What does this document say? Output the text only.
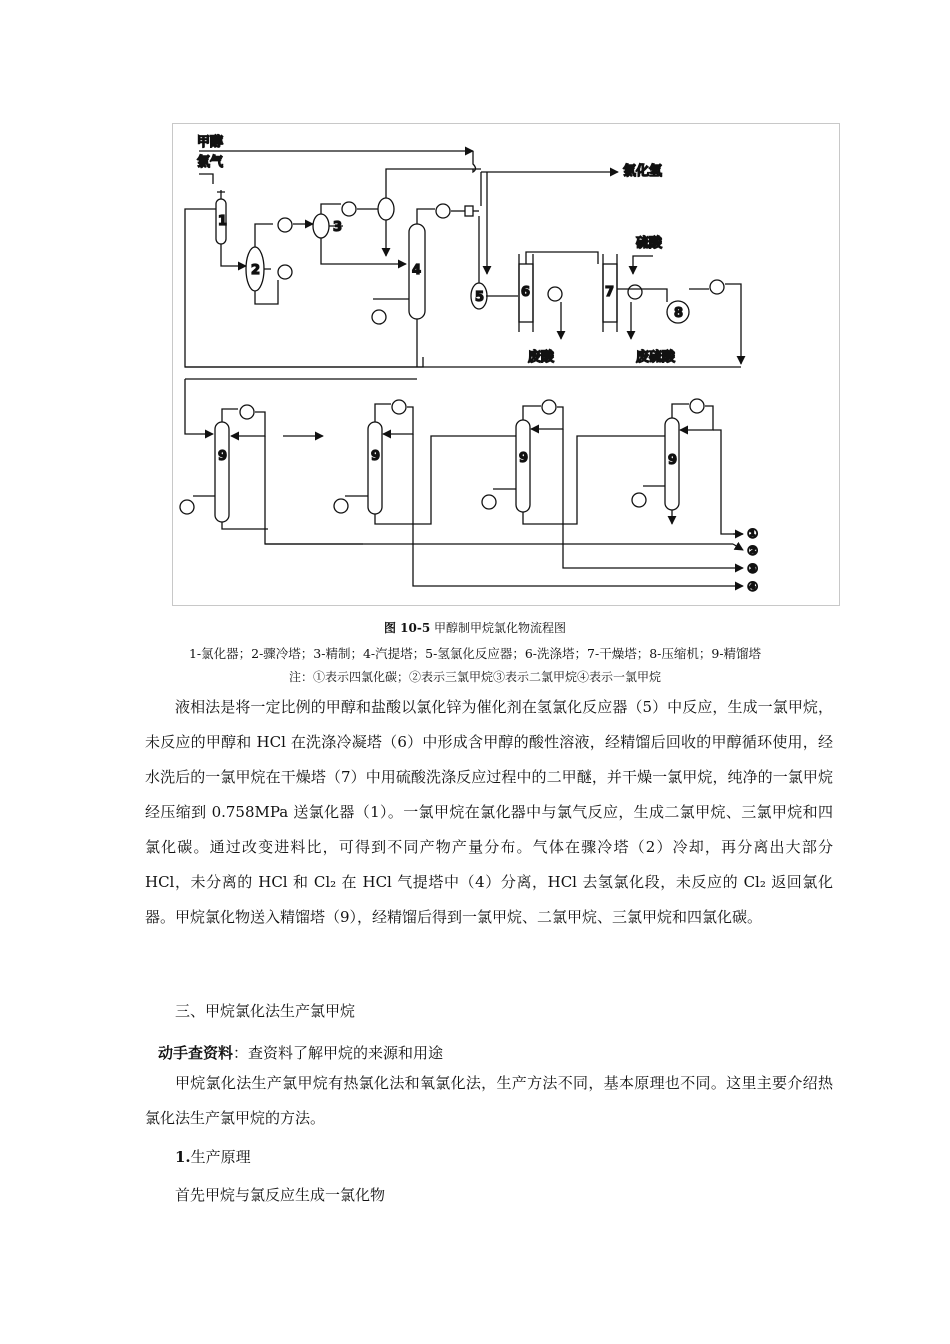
甲醇
氯气
氯化氢
硫酸
废酸	废硫酸
1
2
3
4
5	6	7
8
9	9	9	9
①
②
③
④
图 10-5 甲醇制甲烷氯化物流程图
1-氯化器；2-骤冷塔；3-精制；4-汽提塔；5-氢氯化反应器；6-洗涤塔；7-干燥塔；8-压缩机；9-精馏塔
注：①表示四氯化碳；②表示三氯甲烷③表示二氯甲烷④表示一氯甲烷

液相法是将一定比例的甲醇和盐酸以氯化锌为催化剂在氢氯化反应器（5）中反应，生成一氯甲烷，未反应的甲醇和 HCl 在洗涤冷凝塔（6）中形成含甲醇的酸性溶液，经精馏后回收的甲醇循环使用，经水洗后的一氯甲烷在干燥塔（7）中用硫酸洗涤反应过程中的二甲醚，并干燥一氯甲烷，纯净的一氯甲烷经压缩到 0.758MPa 送氯化器（1）。一氯甲烷在氯化器中与氯气反应，生成二氯甲烷、三氯甲烷和四氯化碳。通过改变进料比，可得到不同产物产量分布。气体在骤冷塔（2）冷却，再分离出大部分 HCl，未分离的 HCl 和 Cl₂ 在 HCl 气提塔中（4）分离，HCl 去氢氯化段，未反应的 Cl₂ 返回氯化器。甲烷氯化物送入精馏塔（9），经精馏后得到一氯甲烷、二氯甲烷、三氯甲烷和四氯化碳。

三、甲烷氯化法生产氯甲烷
动手查资料：查资料了解甲烷的来源和用途

甲烷氯化法生产氯甲烷有热氯化法和氧氯化法，生产方法不同，基本原理也不同。这里主要介绍热氯化法生产氯甲烷的方法。

1.生产原理
首先甲烷与氯反应生成一氯化物
